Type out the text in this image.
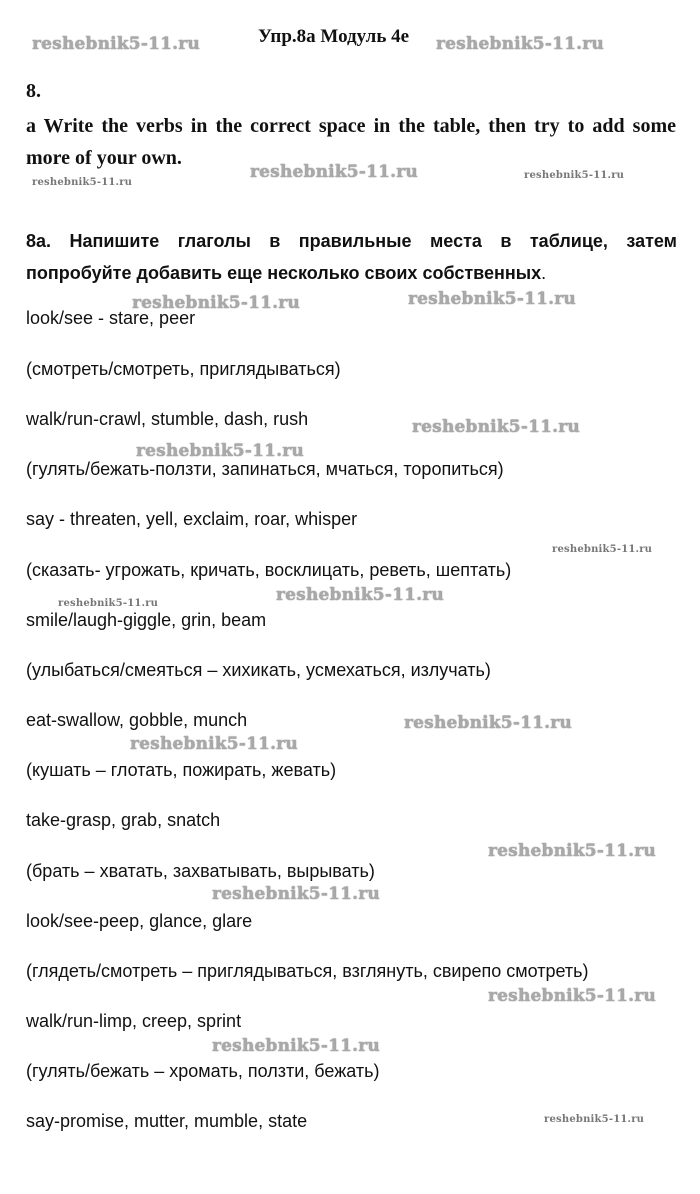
Упр.8a Модуль 4e
8.
a Write the verbs in the correct space in the table, then try to add some more of your own.
8a. Напишите глаголы в правильные места в таблице, затем попробуйте добавить еще несколько своих собственных.
look/see - stare, peer
(смотреть/смотреть, приглядываться)
walk/run-crawl, stumble, dash, rush
(гулять/бежать-ползти, запинаться, мчаться, торопиться)
say - threaten, yell, exclaim, roar, whisper
(сказать- угрожать, кричать, восклицать, реветь, шептать)
smile/laugh-giggle, grin, beam
(улыбаться/смеяться – хихикать, усмехаться, излучать)
eat-swallow, gobble, munch
(кушать – глотать, пожирать, жевать)
take-grasp, grab, snatch
(брать – хватать, захватывать, вырывать)
look/see-peep, glance, glare
(глядеть/смотреть – приглядываться, взглянуть, свирепо смотреть)
walk/run-limp, creep, sprint
(гулять/бежать – хромать, ползти, бежать)
say-promise, mutter, mumble, state
reshebnik5-11.ru	reshebnik5-11.ru
reshebnik5-11.ru
reshebnik5-11.ru
reshebnik5-11.ru
reshebnik5-11.ru	reshebnik5-11.ru
reshebnik5-11.ru
reshebnik5-11.ru
reshebnik5-11.ru
reshebnik5-11.ru
reshebnik5-11.ru
reshebnik5-11.ru
reshebnik5-11.ru
reshebnik5-11.ru
reshebnik5-11.ru
reshebnik5-11.ru
reshebnik5-11.ru
reshebnik5-11.ru
